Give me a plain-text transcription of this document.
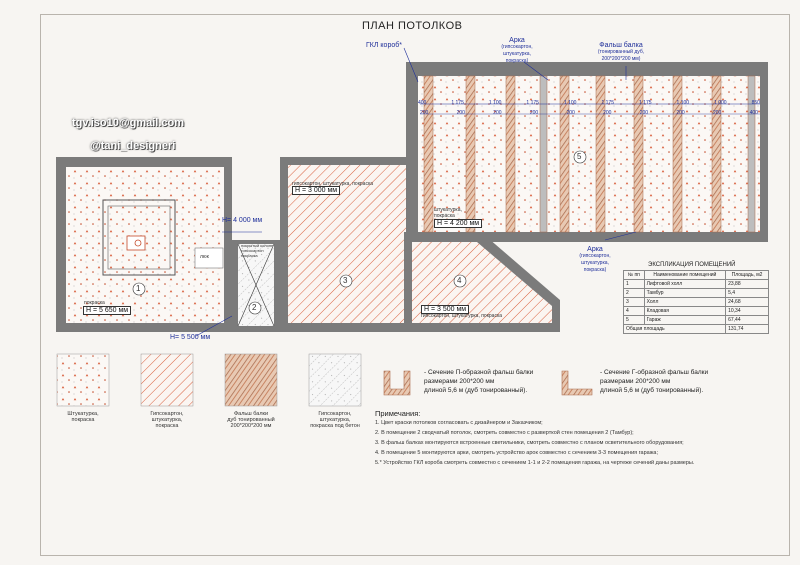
ПЛАН ПОТОЛКОВ
tgv.iso10@gmail.com
@tani_designeri
1
2
3	4
5
ГКЛ короб*
Арка
(гипсокартон,
штукатурка,
покраска)
Фальш балка
(тонированный дуб,
200*200*200 мм)
Арка
(гипсокартон,
штукатурка,
покраска)
400	1 175	1 100	1 175	1 100	1 175	1 175	1 100	1 000	850
200	200	200	200	200	200	200	200	200	400
Н= 4 000 мм
Н= 5 500 мм
Н = 3 000 мм
Н = 4 200 мм
Н = 3 500 мм
Н = 5 650 мм
покраска
гипсокартон, штукатурка, покраска
гипсокартон, штукатурка, покраска
штукатурка, покраска
люк
покрытый колонн гипсокартон покраска
ЭКСПЛИКАЦИЯ ПОМЕЩЕНИЙ
№ пп	Наименование помещений	Площадь, м2
1	Лифтовой холл	23,88
2	Тамбур	5,4
3	Холл	24,68
4	Кладовая	10,34
5	Гараж	67,44
Общая площадь		131,74
Штукатурка,
покраска
Гипсокартон,
штукатурка,
покраска
Фальш балки
дуб тонированный
200*200*200 мм
Гипсокартон,
штукатурка,
покраска под бетон
- Сечение П-образной фальш балки
размерами 200*200 мм
длиной 5,6 м (дуб тонированный).
- Сечение Г-образной фальш балки
размерами 200*200 мм
длиной 5,6 м (дуб тонированный).
Примечания:
1. Цвет краски потолков согласовать с дизайнером и Заказчиком;
2. В помещение 2 сводчатый потолок, смотреть совместно с разверткой стен помещения 2 (Тамбур);
3. В фальш балках монтируются встроенные светильники, смотреть совместно с планом осветительного оборудования;
4. В помещение 5 монтируются арки, смотреть устройство арок совместно с сечением 3-3 помещения гаража;
5.* Устройство ГКЛ короба смотреть совместно с сечением 1-1 и 2-2 помещения гаража, на чертеже сечений даны размеры.
